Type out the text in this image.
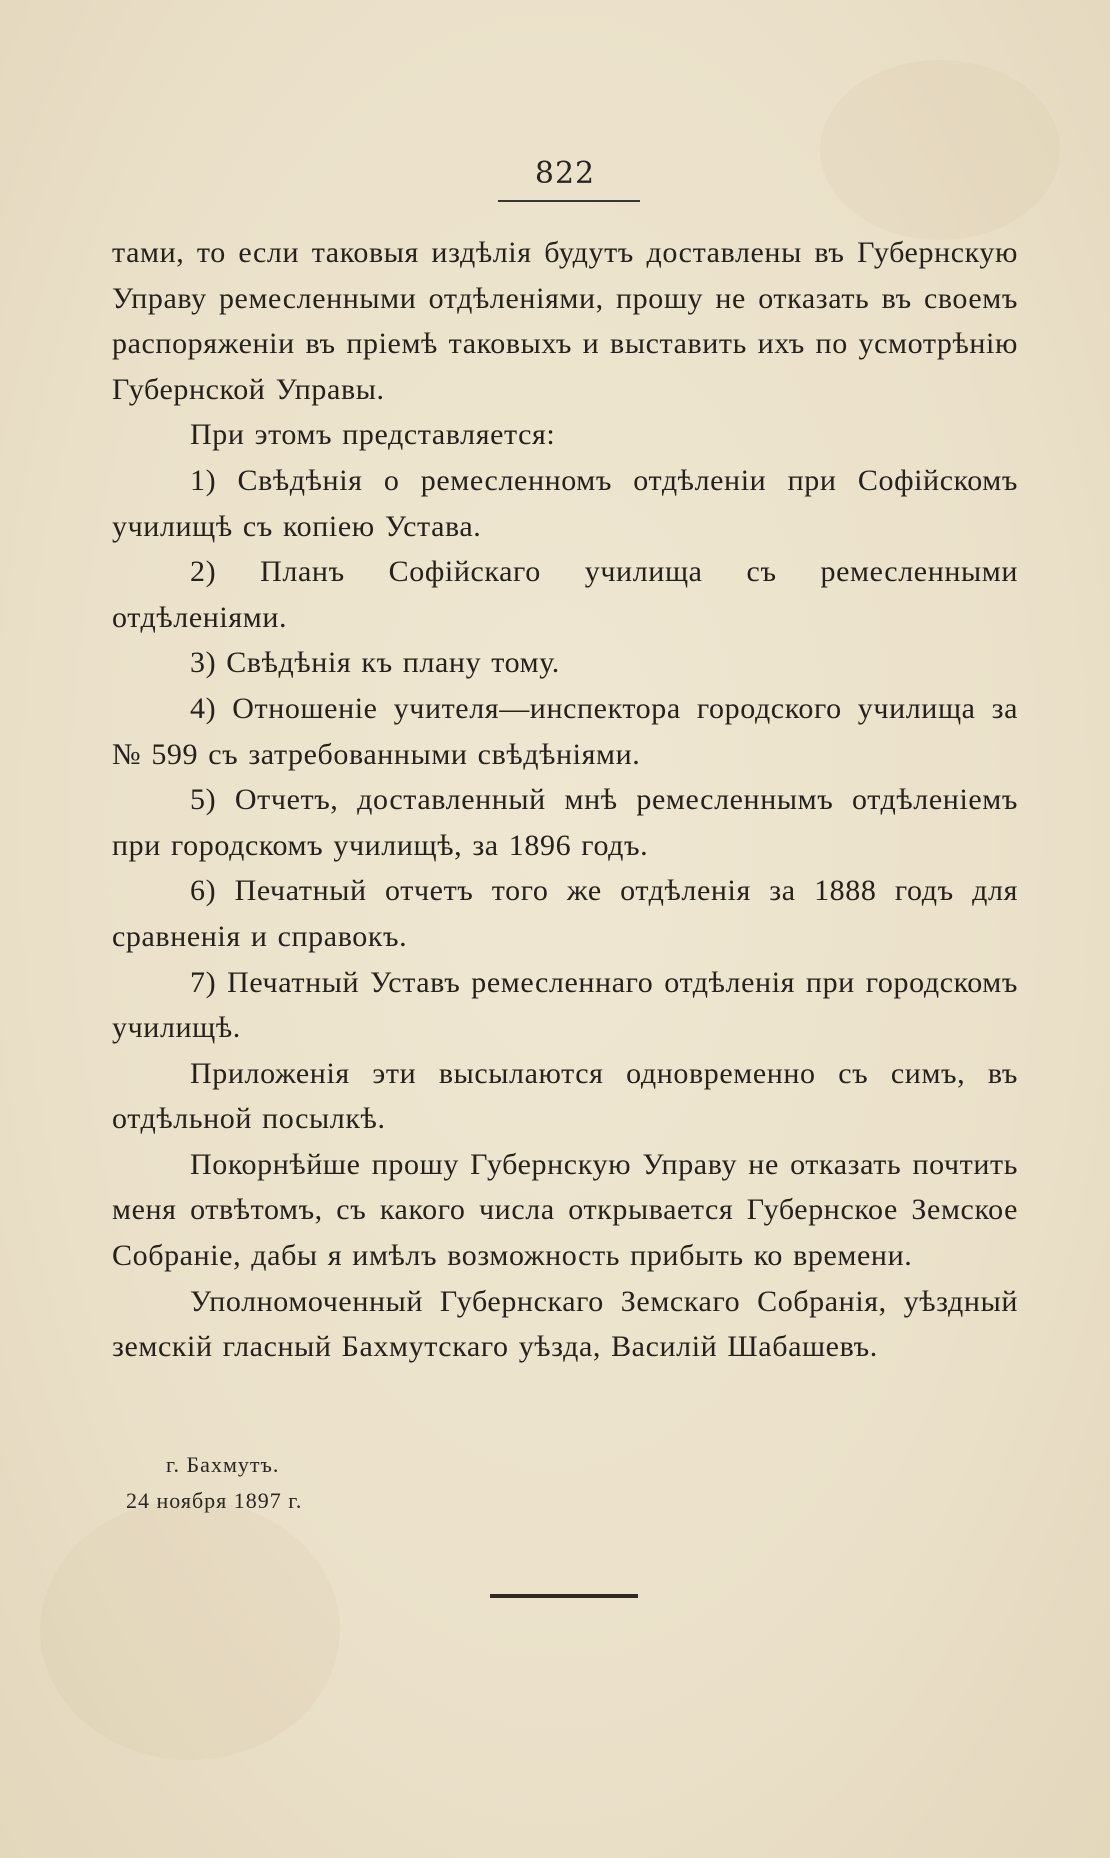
822

тами, то если таковыя издѣлія будутъ доставлены въ Губернскую Управу ремесленными отдѣленіями, прошу не отказать въ своемъ распоряженіи въ пріемѣ таковыхъ и выставить ихъ по усмотрѣнію Губернской Управы.

При этомъ представляется:

1) Свѣдѣнія о ремесленномъ отдѣленіи при Софійскомъ училищѣ съ копіею Устава.

2) Планъ Софійскаго училища съ ремесленными отдѣленіями.

3) Свѣдѣнія къ плану тому.

4) Отношеніе учителя—инспектора городского училища за № 599 съ затребованными свѣдѣніями.

5) Отчетъ, доставленный мнѣ ремесленнымъ отдѣленіемъ при городскомъ училищѣ, за 1896 годъ.

6) Печатный отчетъ того же отдѣленія за 1888 годъ для сравненія и справокъ.

7) Печатный Уставъ ремесленнаго отдѣленія при городскомъ училищѣ.

Приложенія эти высылаются одновременно съ симъ, въ отдѣльной посылкѣ.

Покорнѣйше прошу Губернскую Управу не отказать почтить меня отвѣтомъ, съ какого числа открывается Губернское Земское Собраніе, дабы я имѣлъ возможность прибыть ко времени.

Уполномоченный Губернскаго Земскаго Собранія, уѣздный земскій гласный Бахмутскаго уѣзда, Василій Шабашевъ.

г. Бахмутъ.
24 ноября 1897 г.
